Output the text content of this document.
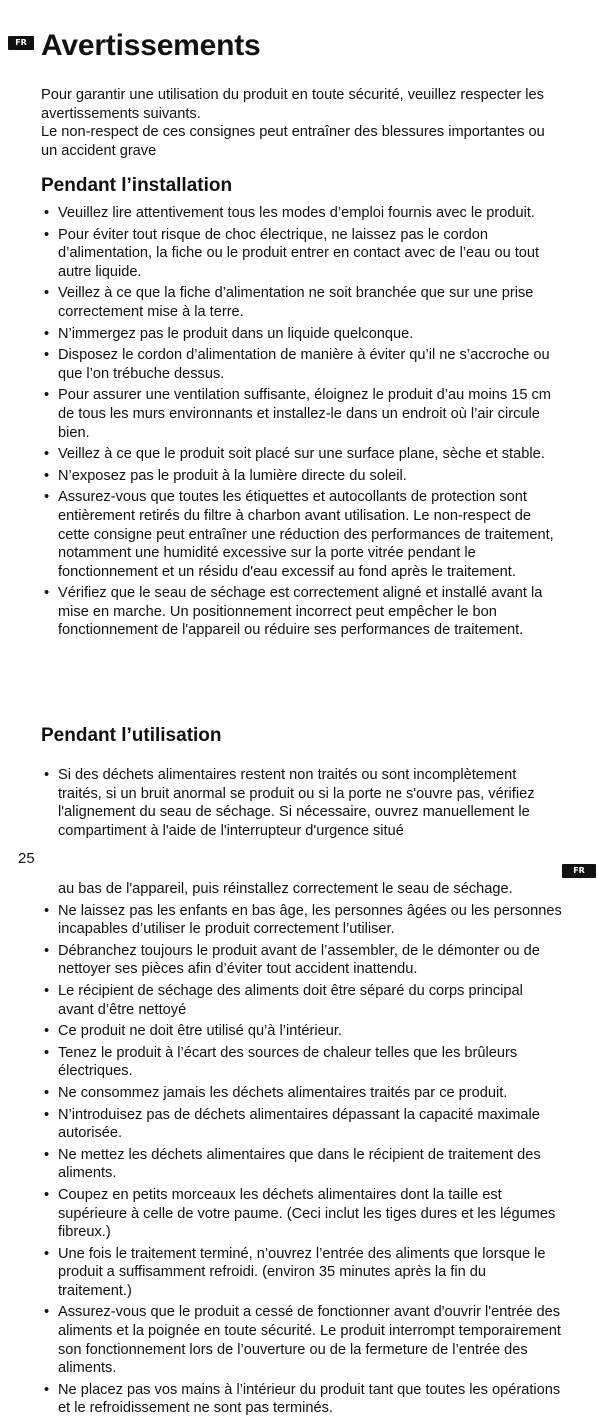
FR Avertissements

Pour garantir une utilisation du produit en toute sécurité, veuillez respecter les avertissements suivants.

Le non-respect de ces consignes peut entraîner des blessures importantes ou un accident grave

Pendant l’installation
• Veuillez lire attentivement tous les modes d’emploi fournis avec le produit.
• Pour éviter tout risque de choc électrique, ne laissez pas le cordon d’alimentation, la fiche ou le produit entrer en contact avec de l’eau ou tout autre liquide.
• Veillez à ce que la fiche d’alimentation ne soit branchée que sur une prise correctement mise à la terre.
• N’immergez pas le produit dans un liquide quelconque.
• Disposez le cordon d’alimentation de manière à éviter qu’il ne s’accroche ou que l’on trébuche dessus.
• Pour assurer une ventilation suffisante, éloignez le produit d’au moins 15 cm de tous les murs environnants et installez-le dans un endroit où l’air circule bien.
• Veillez à ce que le produit soit placé sur une surface plane, sèche et stable.
• N’exposez pas le produit à la lumière directe du soleil.
• Assurez-vous que toutes les étiquettes et autocollants de protection sont entièrement retirés du filtre à charbon avant utilisation. Le non-respect de cette consigne peut entraîner une réduction des performances de traitement, notamment une humidité excessive sur la porte vitrée pendant le fonctionnement et un résidu d'eau excessif au fond après le traitement.
• Vérifiez que le seau de séchage est correctement aligné et installé avant la mise en marche. Un positionnement incorrect peut empêcher le bon fonctionnement de l'appareil ou réduire ses performances de traitement.
Pendant l’utilisation
• Si des déchets alimentaires restent non traités ou sont incomplètement traités, si un bruit anormal se produit ou si la porte ne s'ouvre pas, vérifiez l'alignement du seau de séchage. Si nécessaire, ouvrez manuellement le compartiment à l'aide de l'interrupteur d'urgence situé
25
FR
au bas de l'appareil, puis réinstallez correctement le seau de séchage.
• Ne laissez pas les enfants en bas âge, les personnes âgées ou les personnes incapables d’utiliser le produit correctement l’utiliser.
• Débranchez toujours le produit avant de l’assembler, de le démonter ou de nettoyer ses pièces afin d’éviter tout accident inattendu.
• Le récipient de séchage des aliments doit être séparé du corps principal avant d’être nettoyé
• Ce produit ne doit être utilisé qu’à l’intérieur.
• Tenez le produit à l’écart des sources de chaleur telles que les brûleurs électriques.
• Ne consommez jamais les déchets alimentaires traités par ce produit.
• N’introduisez pas de déchets alimentaires dépassant la capacité maximale autorisée.
• Ne mettez les déchets alimentaires que dans le récipient de traitement des aliments.
• Coupez en petits morceaux les déchets alimentaires dont la taille est supérieure à celle de votre paume. (Ceci inclut les tiges dures et les légumes fibreux.)
• Une fois le traitement terminé, n’ouvrez l’entrée des aliments que lorsque le produit a suffisamment refroidi. (environ 35 minutes après la fin du traitement.)
• Assurez-vous que le produit a cessé de fonctionner avant d'ouvrir l'entrée des aliments et la poignée en toute sécurité. Le produit interrompt temporairement son fonctionnement lors de l’ouverture ou de la fermeture de l’entrée des aliments.
• Ne placez pas vos mains à l’intérieur du produit tant que toutes les opérations et le refroidissement ne sont pas terminés.
